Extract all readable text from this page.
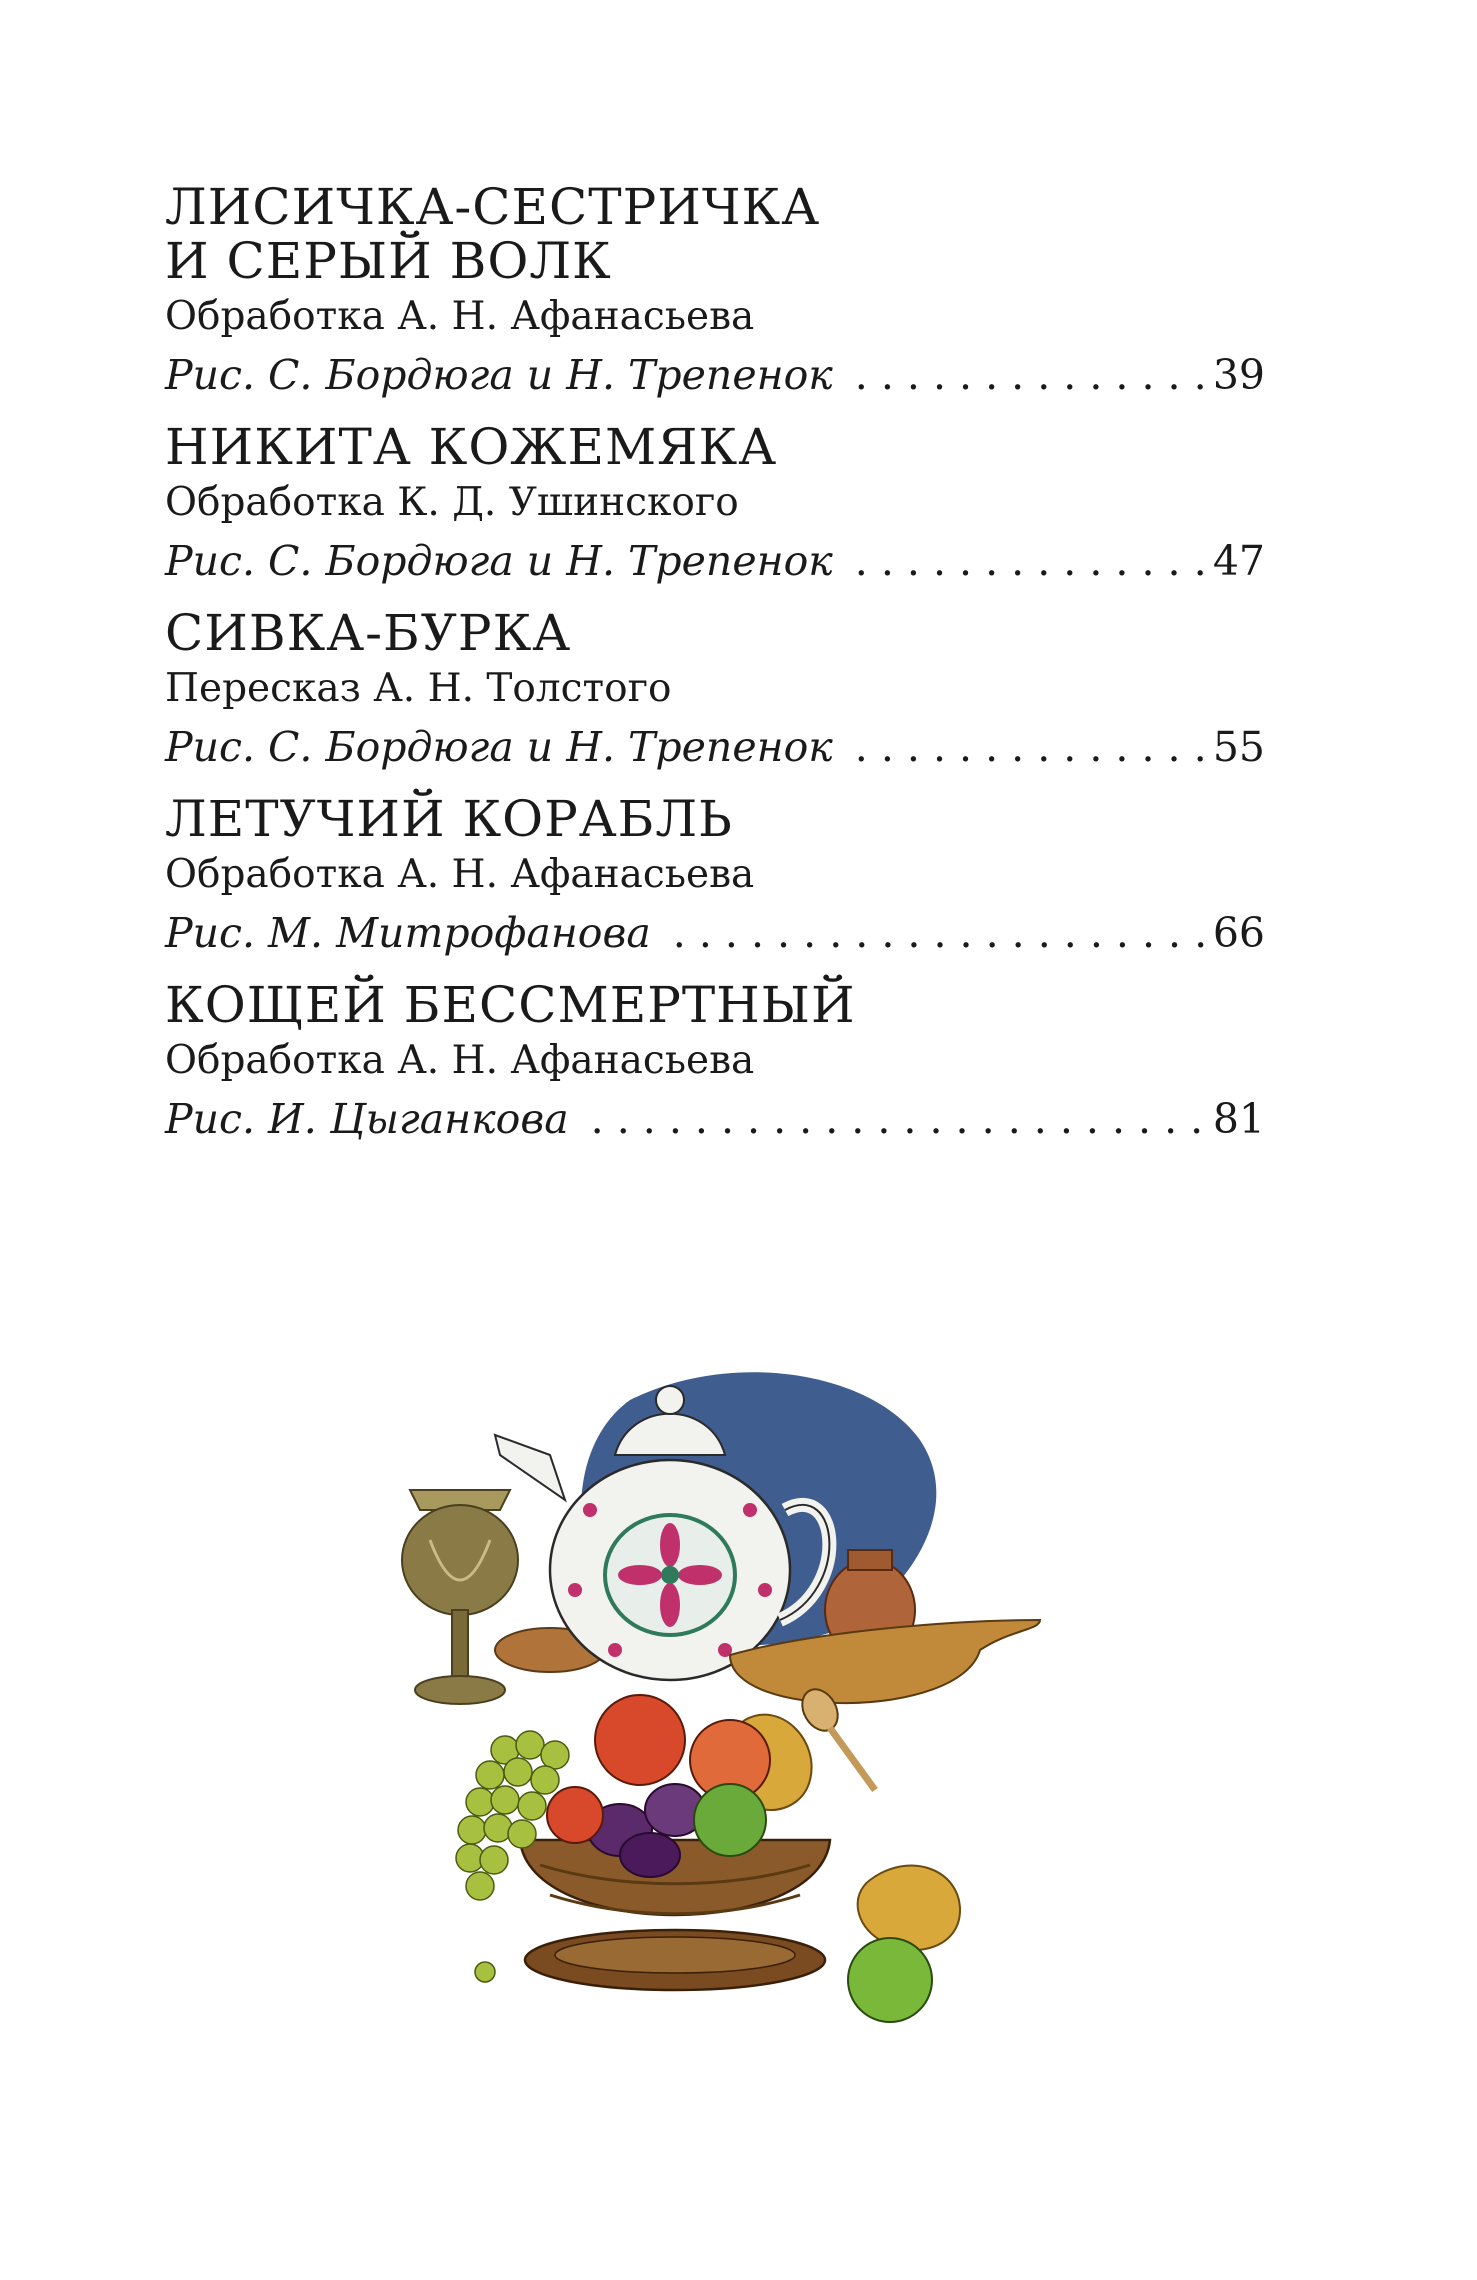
ЛИСИЧКА-СЕСТРИЧКА
И СЕРЫЙ ВОЛК

Обработка А. Н. Афанасьева

Рис. С. Бордюга и Н. Трепенок . . .	39

НИКИТА КОЖЕМЯКА

Обработка К. Д. Ушинского

Рис. С. Бордюга и Н. Трепенок . . .	47

СИВКА-БУРКА

Пересказ А. Н. Толстого

Рис. С. Бордюга и Н. Трепенок . . .	55

ЛЕТУЧИЙ КОРАБЛЬ

Обработка А. Н. Афанасьева

Рис. М. Митрофанова . . .	66

КОЩЕЙ БЕССМЕРТНЫЙ

Обработка А. Н. Афанасьева

Рис. И. Цыганкова . . .	81
